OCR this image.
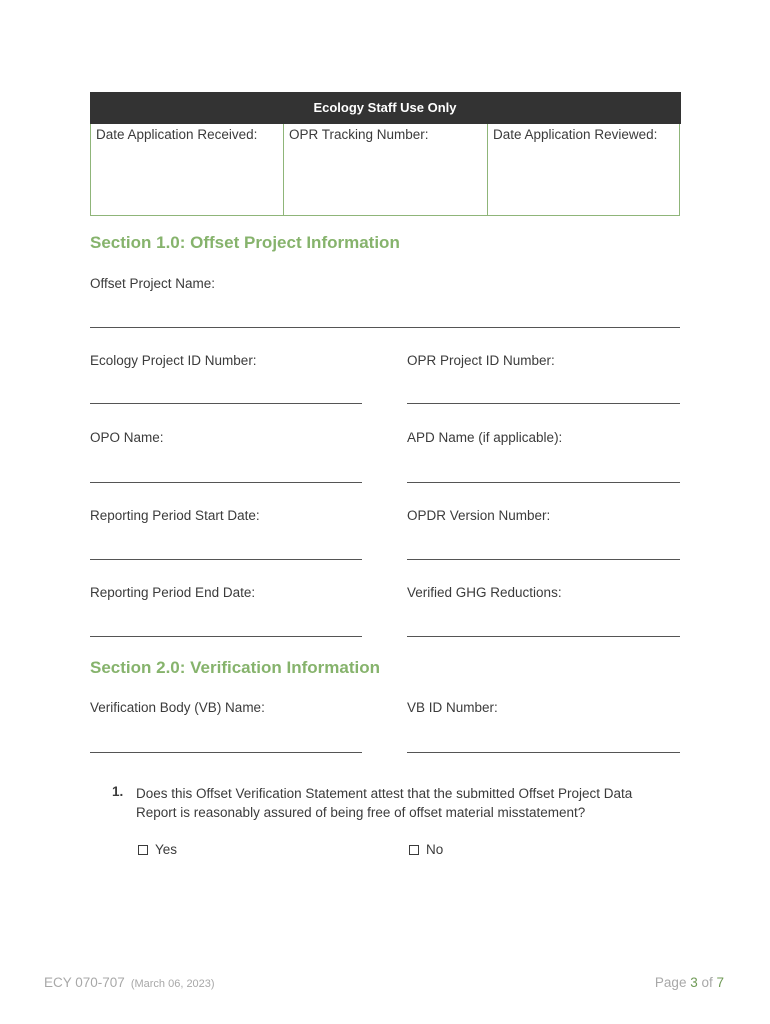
Ecology Staff Use Only
Date Application Received:	OPR Tracking Number:	Date Application Reviewed:
Section 1.0: Offset Project Information
Offset Project Name:
Ecology Project ID Number:	OPR Project ID Number:
OPO Name:	APD Name (if applicable):
Reporting Period Start Date:	OPDR Version Number:
Reporting Period End Date:	Verified GHG Reductions:
Section 2.0: Verification Information
Verification Body (VB) Name:	VB ID Number:
1. Does this Offset Verification Statement attest that the submitted Offset Project Data Report is reasonably assured of being free of offset material misstatement?
Yes	No
ECY 070-707 (March 06, 2023)	Page 3 of 7
